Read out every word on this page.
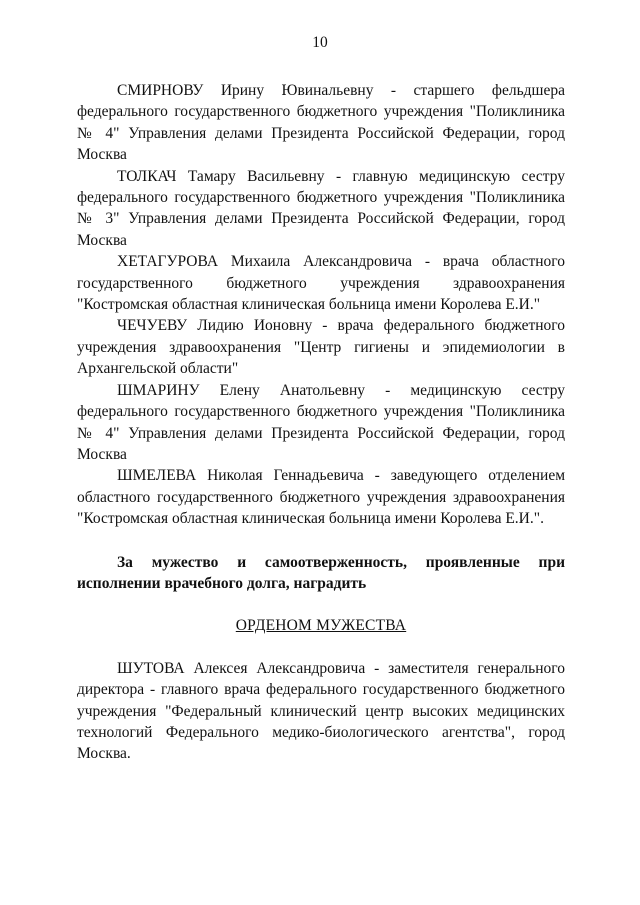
10

СМИРНОВУ Ирину Ювинальевну - старшего фельдшера федерального государственного бюджетного учреждения "Поликлиника № 4" Управления делами Президента Российской Федерации, город Москва

ТОЛКАЧ Тамару Васильевну - главную медицинскую сестру федерального государственного бюджетного учреждения "Поликлиника № 3" Управления делами Президента Российской Федерации, город Москва

ХЕТАГУРОВА Михаила Александровича - врача областного государственного бюджетного учреждения здравоохранения "Костромская областная клиническая больница имени Королева Е.И."

ЧЕЧУЕВУ Лидию Ионовну - врача федерального бюджетного учреждения здравоохранения "Центр гигиены и эпидемиологии в Архангельской области"

ШМАРИНУ Елену Анатольевну - медицинскую сестру федерального государственного бюджетного учреждения "Поликлиника № 4" Управления делами Президента Российской Федерации, город Москва

ШМЕЛЕВА Николая Геннадьевича - заведующего отделением областного государственного бюджетного учреждения здравоохранения "Костромская областная клиническая больница имени Королева Е.И.".

За мужество и самоотверженность, проявленные при исполнении врачебного долга, наградить

ОРДЕНОМ МУЖЕСТВА

ШУТОВА Алексея Александровича - заместителя генерального директора - главного врача федерального государственного бюджетного учреждения "Федеральный клинический центр высоких медицинских технологий Федерального медико-биологического агентства", город Москва.
